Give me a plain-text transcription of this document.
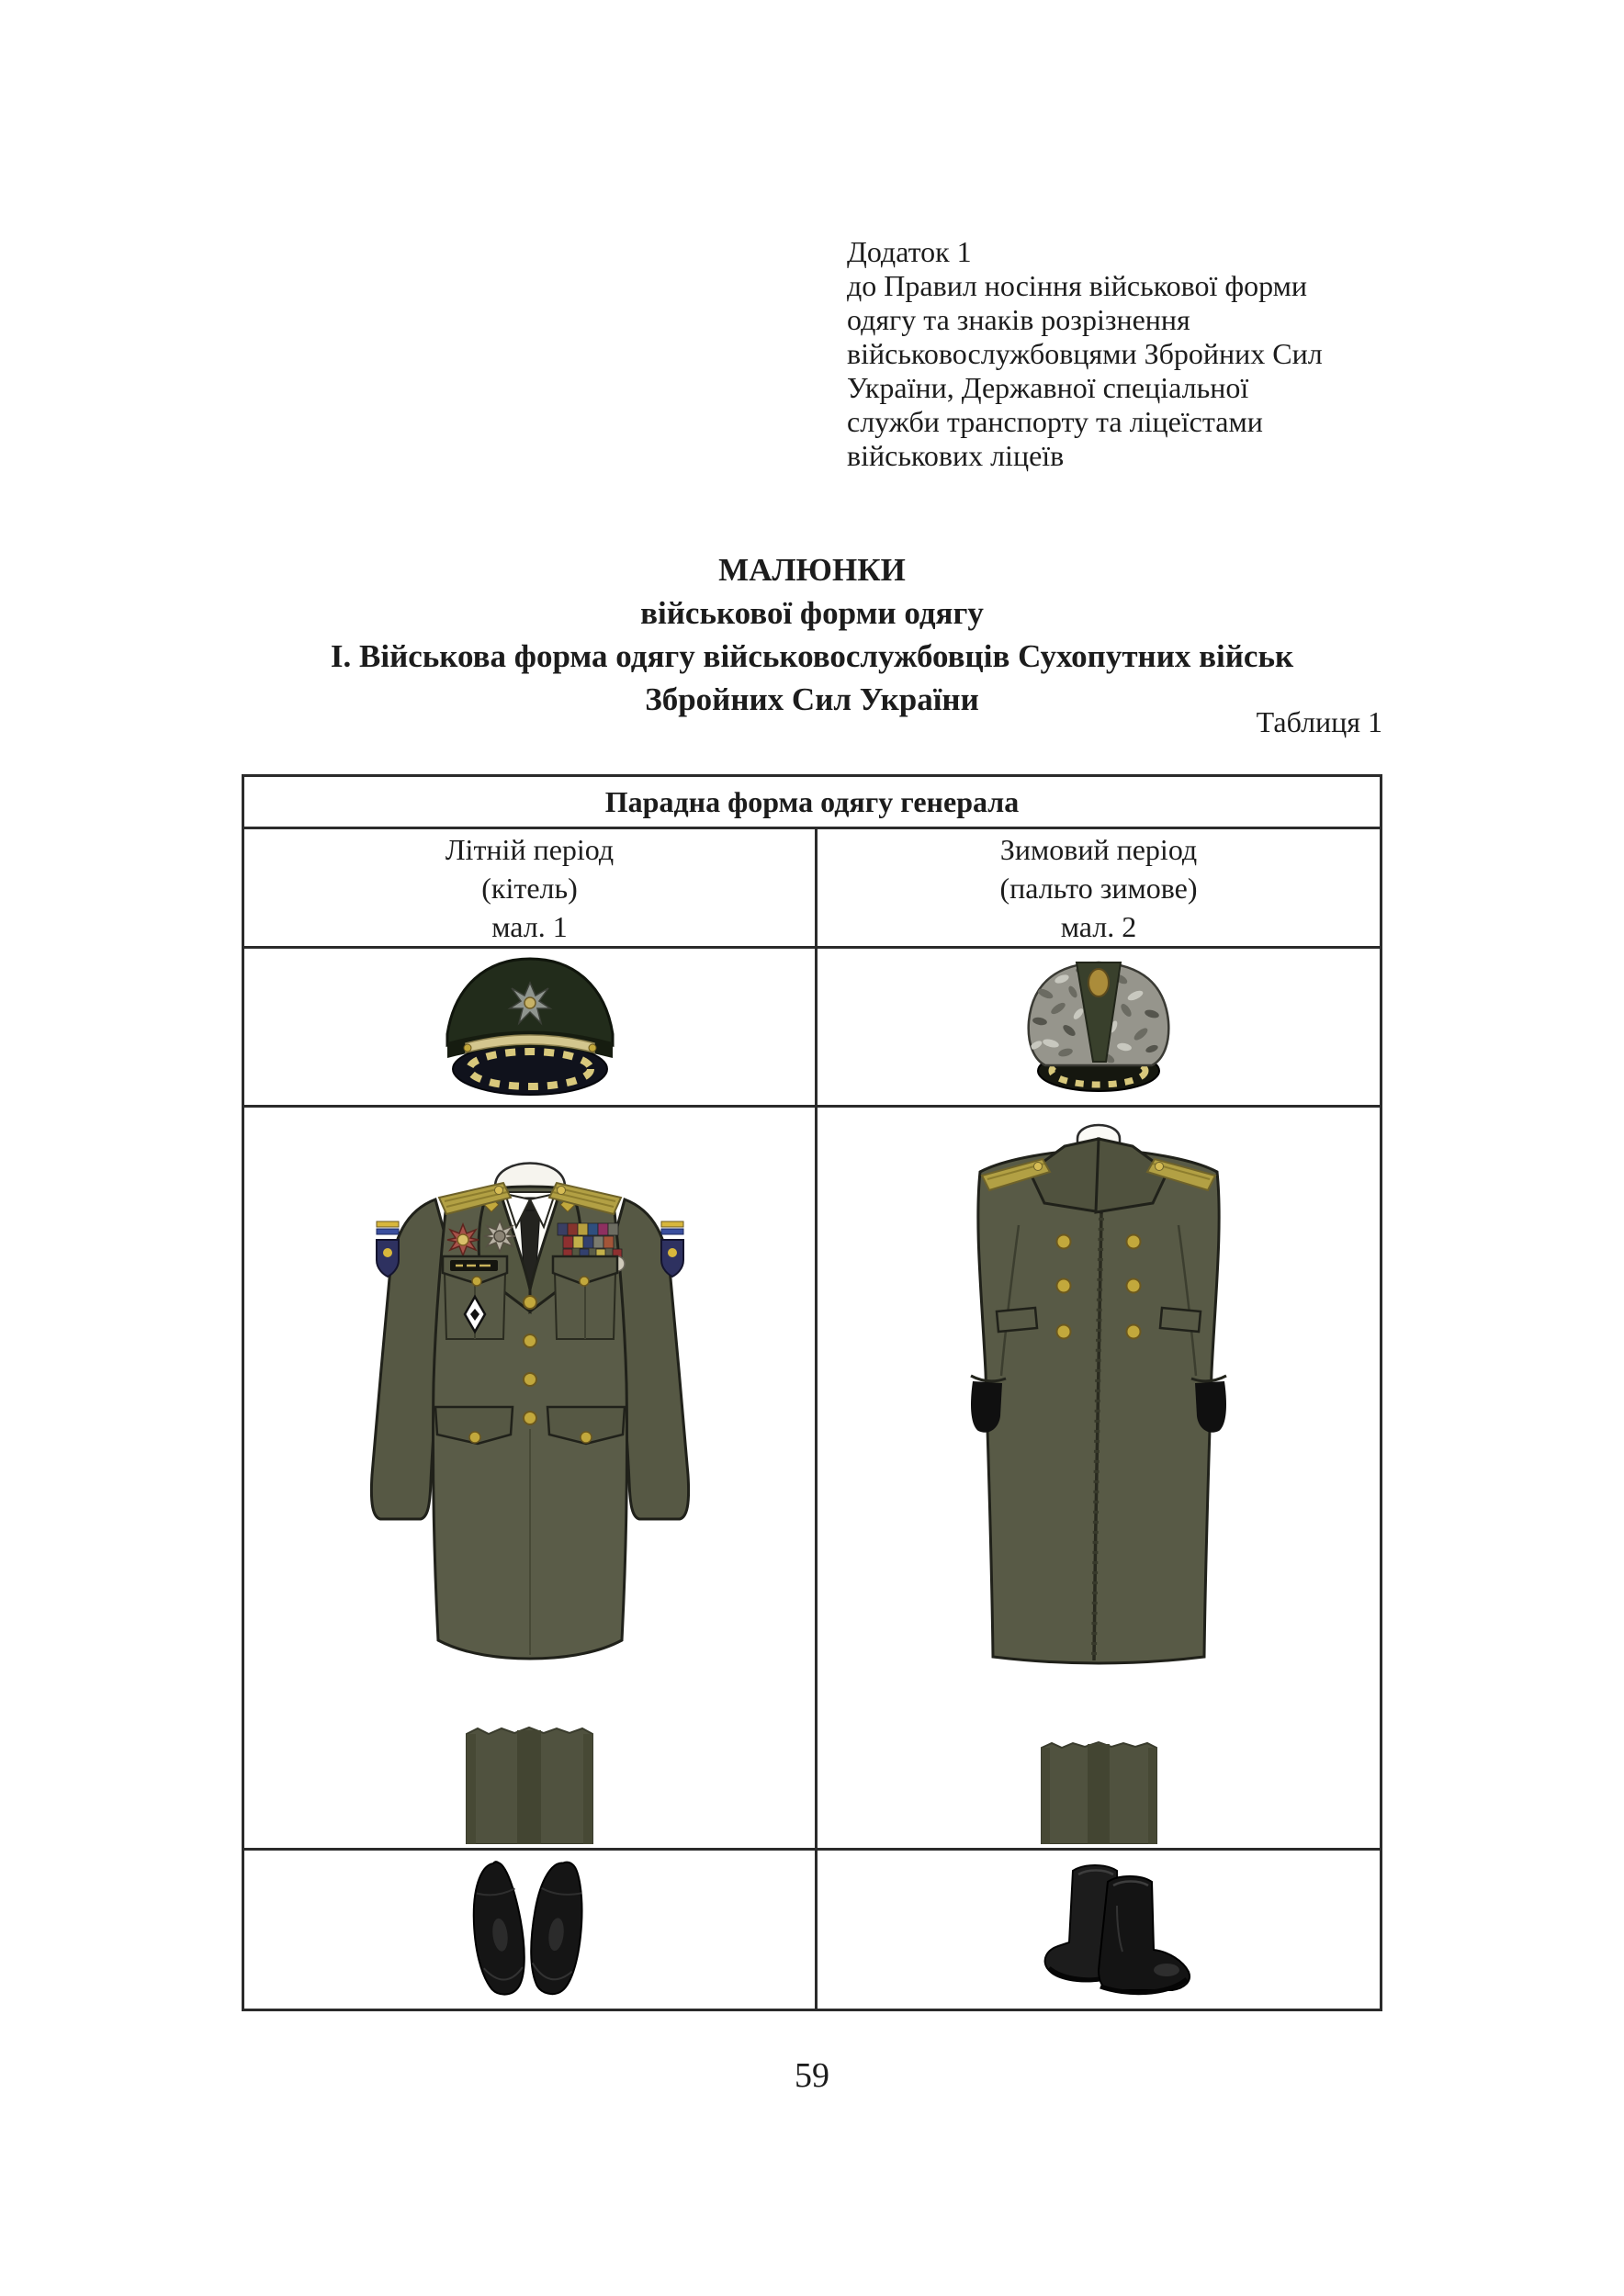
Додаток 1
до Правил носіння військової форми
одягу та знаків розрізнення
військовослужбовцями Збройних Сил
України, Державної спеціальної
служби транспорту та ліцеїстами
військових ліцеїв
МАЛЮНКИ
військової форми одягу
І. Військова форма одягу військовослужбовців Сухопутних військ
Збройних Сил України
Таблиця 1
Парадна форма одягу генерала
Літній період
(кітель)
мал. 1
Зимовий період
(пальто зимове)
мал. 2
59
